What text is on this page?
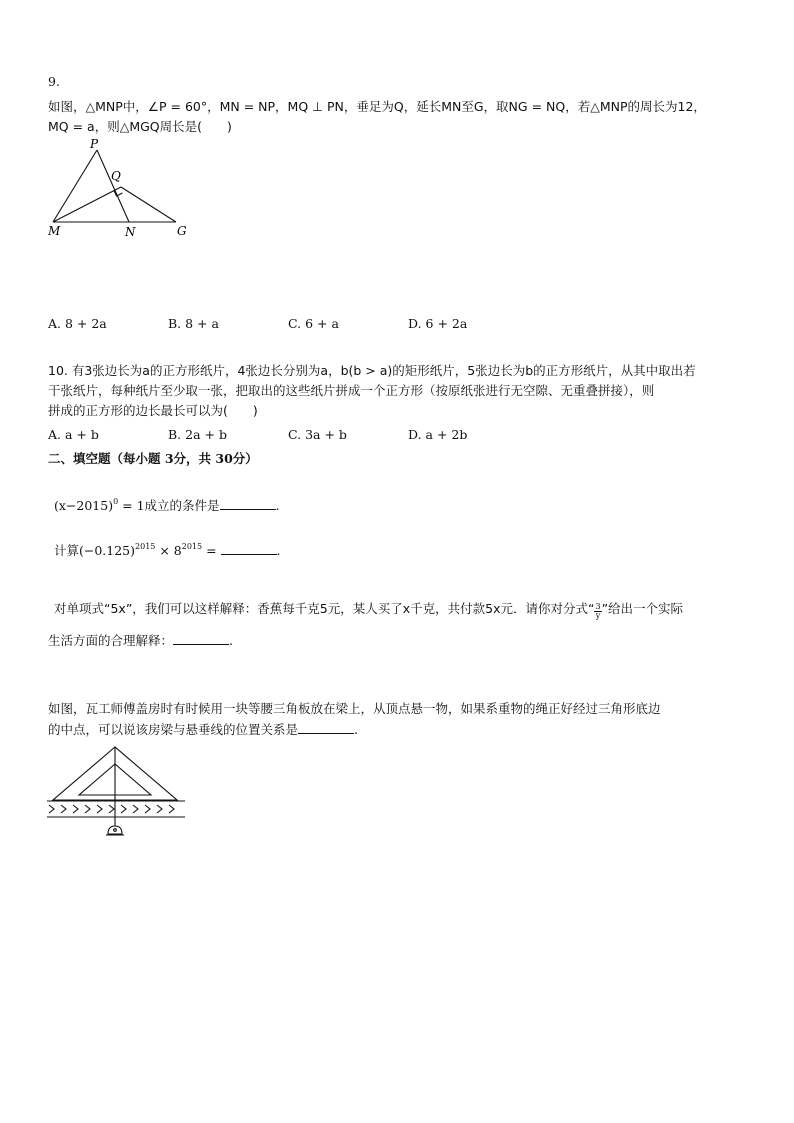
9.
如图，△MNP中，∠P = 60°，MN = NP，MQ ⊥ PN，垂足为Q，延长MN至G，取NG = NQ，若△MNP的周长为12，
MQ = a，则△MGQ周长是(　　)
P
Q
M	N	G
A. 8 + 2a	B. 8 + a	C. 6 + a	D. 6 + 2a
10. 有3张边长为a的正方形纸片，4张边长分别为a，b(b > a)的矩形纸片，5张边长为b的正方形纸片，从其中取出若
干张纸片，每种纸片至少取一张，把取出的这些纸片拼成一个正方形（按原纸张进行无空隙、无重叠拼接），则
拼成的正方形的边长最长可以为(　　)
A. a + b	B. 2a + b	C. 3a + b	D. a + 2b
二、填空题（每小题 3分，共 30分）
$(x-2015)^0 = 1$成立的条件是	.
计算$(-0.125)^{2015} \times 8^{2015}$ =	.
对单项式“5x”，我们可以这样解释：香蕉每千克5元，某人买了x千克，共付款5x元．请你对分式“ $\frac{3}{y}$ ”给出一个实际
生活方面的合理解释：	.
如图，瓦工师傅盖房时有时候用一块等腰三角板放在梁上，从顶点悬一物，如果系重物的绳正好经过三角形底边
的中点，可以说该房梁与悬垂线的位置关系是	.
